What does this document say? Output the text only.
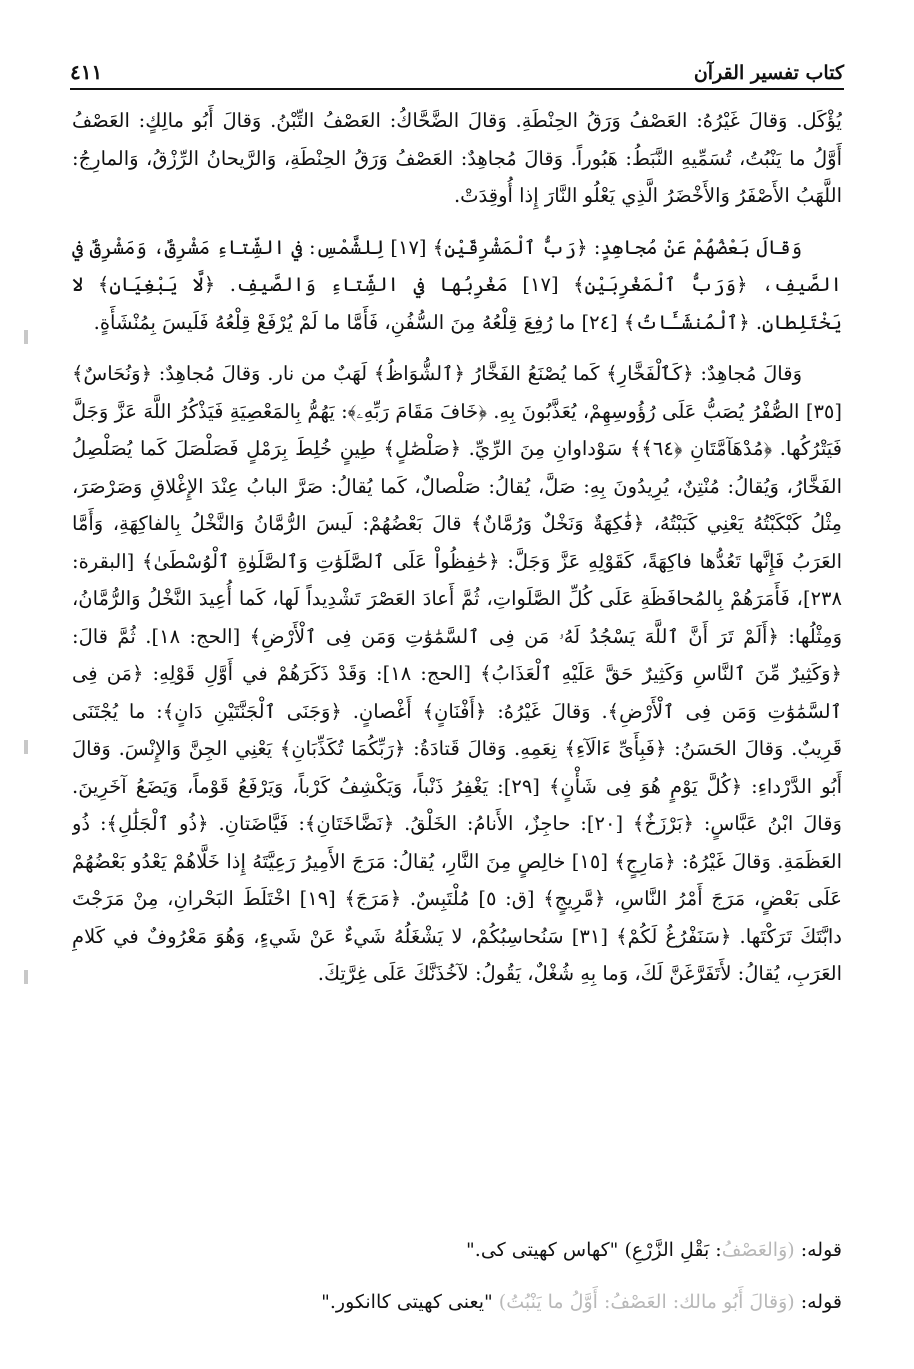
كتاب تفسير القرآن
٤١١

يُؤْكَل. وَقالَ غَيْرُهُ: العَصْفُ وَرَقُ الحِنْطَةِ. وَقالَ الضَّحَّاكُ: العَصْفُ التِّبْنُ. وَقالَ أَبُو مالِكٍ: العَصْفُ أَوَّلُ ما يَنْبُتُ، تُسَمِّيهِ النَّبَطُ: هَبُوراً. وَقالَ مُجاهِدٌ: العَصْفُ وَرَقُ الحِنْطَةِ، وَالرَّيحانُ الرِّزْقُ، وَالمارِجُ: اللَّهَبُ الأَصْفَرُ وَالأَخْضَرُ الَّذِي يَعْلُو النَّارَ إِذا أُوقِدَتْ.

وَقالَ بَعْضُهُمْ عَنْ مُجاهِدٍ: ﴿رَبُّ ٱلْمَشْرِقَيْنِ﴾ [١٧] لِلشَّمْسِ: في الشِّتاءِ مَشْرِقٌ، وَمَشْرِقٌ في الصَّيفِ، ﴿وَرَبُّ ٱلْمَغْرِبَيْنِ﴾ [١٧] مَغْرِبُها في الشِّتاءِ وَالصَّيفِ. ﴿لَّا يَبْغِيَانِ﴾ لا يَخْتَلِطانِ. ﴿ٱلْمُنشَـَٔاتُ﴾ [٢٤] ما رُفِعَ قِلْعُهُ مِنَ السُّفُنِ، فَأَمَّا ما لَمْ يُرْفَعْ قِلْعُهُ فَلَيسَ بِمُنْشَأَةٍ.

وَقالَ مُجاهِدٌ: ﴿كَٱلْفَخَّارِ﴾ كَما يُصْنَعُ الفَخَّارُ ﴿ٱلشُّوَاظُ﴾ لَهَبٌ من نار. وَقالَ مُجاهِدٌ: ﴿وَنُحَاسٌ﴾ [٣٥] الصُّفْرُ يُصَبُّ عَلَى رُؤُوسِهِمْ، يُعَذَّبُونَ بِهِ. ﴿خَافَ مَقَامَ رَبِّهِۦ﴾: يَهُمُّ بِالمَعْصِيَةِ فَيَذْكُرُ اللَّهَ عَزَّ وَجَلَّ فَيَتْرُكُها. ﴿مُدْهَآمَّتَانِ ﴿٦٤﴾﴾ سَوْداوانِ مِنَ الرِّيِّ. ﴿صَلْصَٰلٍ﴾ طِينٍ خُلِطَ بِرَمْلٍ فَصَلْصَلَ كَما يُصَلْصِلُ الفَخَّارُ، وَيُقالُ: مُنْتِنٌ، يُرِيدُونَ بِهِ: صَلَّ، يُقالُ: صَلْصالٌ، كَما يُقالُ: صَرَّ البابُ عِنْدَ الإِغْلاقِ وَصَرْصَرَ، مِثْلُ كَبْكَبْتُهُ يَعْنِي كَبَبْتُهُ، ﴿فَٰكِهَةٌ وَنَخْلٌ وَرُمَّانٌ﴾ قالَ بَعْضُهُمْ: لَيسَ الرُّمَّانُ وَالنَّخْلُ بِالفاكِهَةِ، وَأَمَّا العَرَبُ فَإِنَّها تَعُدُّها فاكِهَةً، كَقَوْلِهِ عَزَّ وَجَلَّ: ﴿حَٰفِظُواْ عَلَى ٱلصَّلَوَٰتِ وَٱلصَّلَوٰةِ ٱلْوُسْطَىٰ﴾ [البقرة: ٢٣٨]، فَأَمَرَهُمْ بِالمُحافَظَةِ عَلَى كُلِّ الصَّلَواتِ، ثُمَّ أَعادَ العَصْرَ تَشْدِيداً لَها، كَما أُعِيدَ النَّخْلُ وَالرُّمَّانُ، وَمِثْلُها: ﴿أَلَمْ تَرَ أَنَّ ٱللَّهَ يَسْجُدُ لَهُۥ مَن فِى ٱلسَّمَٰوَٰتِ وَمَن فِى ٱلْأَرْضِ﴾ [الحج: ١٨]. ثُمَّ قالَ: ﴿وَكَثِيرٌ مِّنَ ٱلنَّاسِ وَكَثِيرٌ حَقَّ عَلَيْهِ ٱلْعَذَابُ﴾ [الحج: ١٨]: وَقَدْ ذَكَرَهُمْ في أَوَّلِ قَوْلِهِ: ﴿مَن فِى ٱلسَّمَٰوَٰتِ وَمَن فِى ٱلْأَرْضِ﴾. وَقالَ غَيْرُهُ: ﴿أَفْنَانٍ﴾ أَغْصانٍ. ﴿وَجَنَى ٱلْجَنَّتَيْنِ دَانٍ﴾: ما يُجْتَنَى قَرِيبٌ. وَقالَ الحَسَنُ: ﴿فَبِأَىِّ ءَالَآءِ﴾ نِعَمِهِ. وَقالَ قَتادَةُ: ﴿رَبِّكُمَا تُكَذِّبَانِ﴾ يَعْنِي الجِنَّ وَالإِنْسَ. وَقالَ أَبُو الدَّرْداءِ: ﴿كُلَّ يَوْمٍ هُوَ فِى شَأْنٍ﴾ [٢٩]: يَغْفِرُ ذَنْباً، وَيَكْشِفُ كَرْباً، وَيَرْفَعُ قَوْماً، وَيَضَعُ آخَرِينَ. وَقالَ ابْنُ عَبَّاسٍ: ﴿بَرْزَخٌ﴾ [٢٠]: حاجِزٌ، الأَنامُ: الخَلْقُ. ﴿نَضَّاخَتَانِ﴾: فَيَّاضَتانِ. ﴿ذُو ٱلْجَلَٰلِ﴾: ذُو العَظَمَةِ. وَقالَ غَيْرُهُ: ﴿مَارِجٍ﴾ [١٥] خالِصٍ مِنَ النَّارِ، يُقالُ: مَرَجَ الأَمِيرُ رَعِيَّتَهُ إِذا خَلَّاهُمْ يَعْدُو بَعْضُهُمْ عَلَى بَعْضٍ، مَرَجَ أَمْرُ النَّاسِ، ﴿مَّرِيجٍ﴾ [ق: ٥] مُلْتَبِسٌ. ﴿مَرَجَ﴾ [١٩] اخْتَلَطَ البَحْرانِ، مِنْ مَرَجْتَ دابَّتَكَ تَرَكْتَها. ﴿سَنَفْرُغُ لَكُمْ﴾ [٣١] سَنُحاسِبُكُمْ، لا يَشْغَلُهُ شَيءٌ عَنْ شَيءٍ، وَهُوَ مَعْرُوفٌ في كَلامِ العَرَبِ، يُقالُ: لأَتَفَرَّغَنَّ لَكَ، وَما بِهِ شُغْلٌ، يَقُولُ: لآخُذَنَّكَ عَلَى غِرَّتِكَ.

قوله: (وَالعَصْفُ: بَقْلِ الزَّرْعِ) "كهاس كهيتى كى."
قوله: (وَقالَ أَبُو مالك: العَصْفُ: أَوَّلُ ما يَنْبُتُ) "يعنى كهيتى كاانكور."
